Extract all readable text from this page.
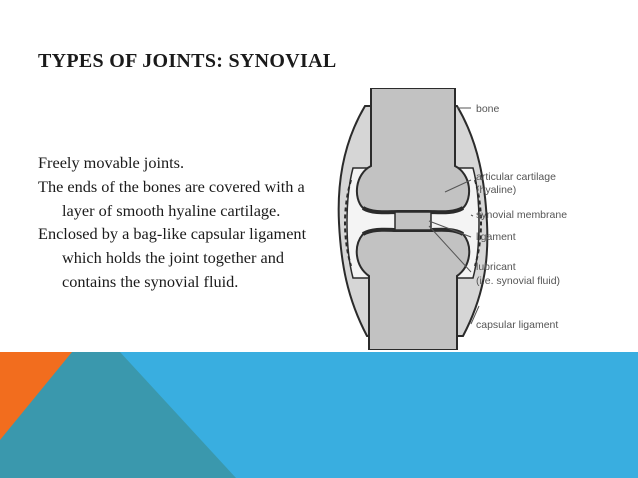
TYPES OF JOINTS: SYNOVIAL

Freely movable joints.

The ends of the bones are covered with a layer of smooth hyaline cartilage.

Enclosed by a bag-like capsular ligament which holds the joint together and contains the synovial fluid.

bone
articular cartilage
(hyaline)
synovial membrane
ligament
lubricant
(i.e. synovial fluid)
capsular ligament
